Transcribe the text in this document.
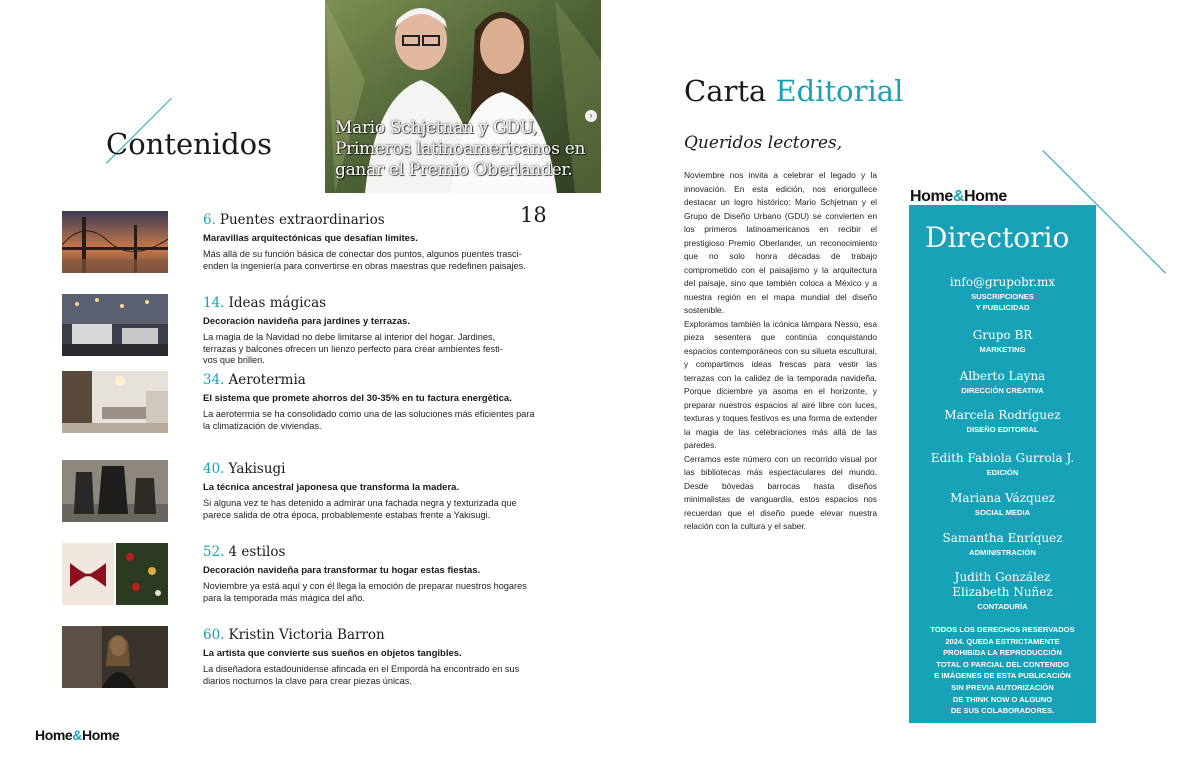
Contenidos
18
6. Puentes extraordinarios
Maravillas arquitectónicas que desafían límites.
Más allá de su función básica de conectar dos puntos, algunos puentes trasci-
enden la ingeniería para convertirse en obras maestras que redefinen paisajes.
14. Ideas mágicas
Decoración navideña para jardines y terrazas.
La magia de la Navidad no debe limitarse al interior del hogar. Jardines,
terrazas y balcones ofrecen un lienzo perfecto para crear ambientes festi-
vos que brillen.
34. Aerotermia
El sistema que promete ahorros del 30-35% en tu factura energética.
La aerotermia se ha consolidado como una de las soluciones más eficientes para
la climatización de viviendas.
40. Yakisugi
La técnica ancestral japonesa que transforma la madera.
Si alguna vez te has detenido a admirar una fachada negra y texturizada que
parece salida de otra época, probablemente estabas frente a Yakisugi.
52. 4 estilos
Decoración navideña para transformar tu hogar estas fiestas.
Noviembre ya está aquí y con él llega la emoción de preparar nuestros hogares
para la temporada más mágica del año.
60. Kristin Victoria Barron
La artista que convierte sus sueños en objetos tangibles.
La diseñadora estadounidense afincada en el Empordà ha encontrado en sus
diarios nocturnos la clave para crear piezas únicas.
Mario Schjetnan y GDU, Primeros latinoamericanos en ganar el Premio Oberlander.
›
Home&Home
Carta Editorial
Queridos lectores,

Noviembre nos invita a celebrar el legado y la innovación. En esta edición, nos enorgullece destacar un logro histórico: Mario Schjetnan y el Grupo de Diseño Urbano (GDU) se convierten en los primeros latinoamericanos en recibir el prestigioso Premio Oberlander, un reconocimiento que no solo honra décadas de trabajo comprometido con el paisajismo y la arquitectura del paisaje, sino que también coloca a México y a nuestra región en el mapa mundial del diseño sostenible.

Exploramos también la icónica lámpara Nesso, esa pieza sesentera que continúa conquistando espacios contemporáneos con su silueta escultural, y compartimos ideas frescas para vestir las terrazas con la calidez de la temporada navideña. Porque diciembre ya asoma en el horizonte, y preparar nuestros espacios al aire libre con luces, texturas y toques festivos es una forma de extender la magia de las celebraciones más allá de las paredes.

Cerramos este número con un recorrido visual por las bibliotecas más espectaculares del mundo. Desde bóvedas barrocas hasta diseños minimalistas de vanguardia, estos espacios nos recuerdan que el diseño puede elevar nuestra relación con la cultura y el saber.

Home&Home
Directorio
info@grupobr.mx
SUSCRIPCIONES
Y PUBLICIDAD
Grupo BR
MARKETING
Alberto Layna
DIRECCIÓN CREATIVA
Marcela Rodríguez
DISEÑO EDITORIAL
Edith Fabiola Gurrola J.
EDICIÓN
Mariana Vázquez
SOCIAL MEDIA
Samantha Enríquez
ADMINISTRACIÓN
Judith González
Elizabeth Nuñez
CONTADURÍA
TODOS LOS DERECHOS RESERVADOS
2024. QUEDA ESTRICTAMENTE
PROHIBIDA LA REPRODUCCIÓN
TOTAL O PARCIAL DEL CONTENIDO
E IMÁGENES DE ESTA PUBLICACIÓN
SIN PREVIA AUTORIZACIÓN
DE THINK NOW O ALGUNO
DE SUS COLABORADORES.
